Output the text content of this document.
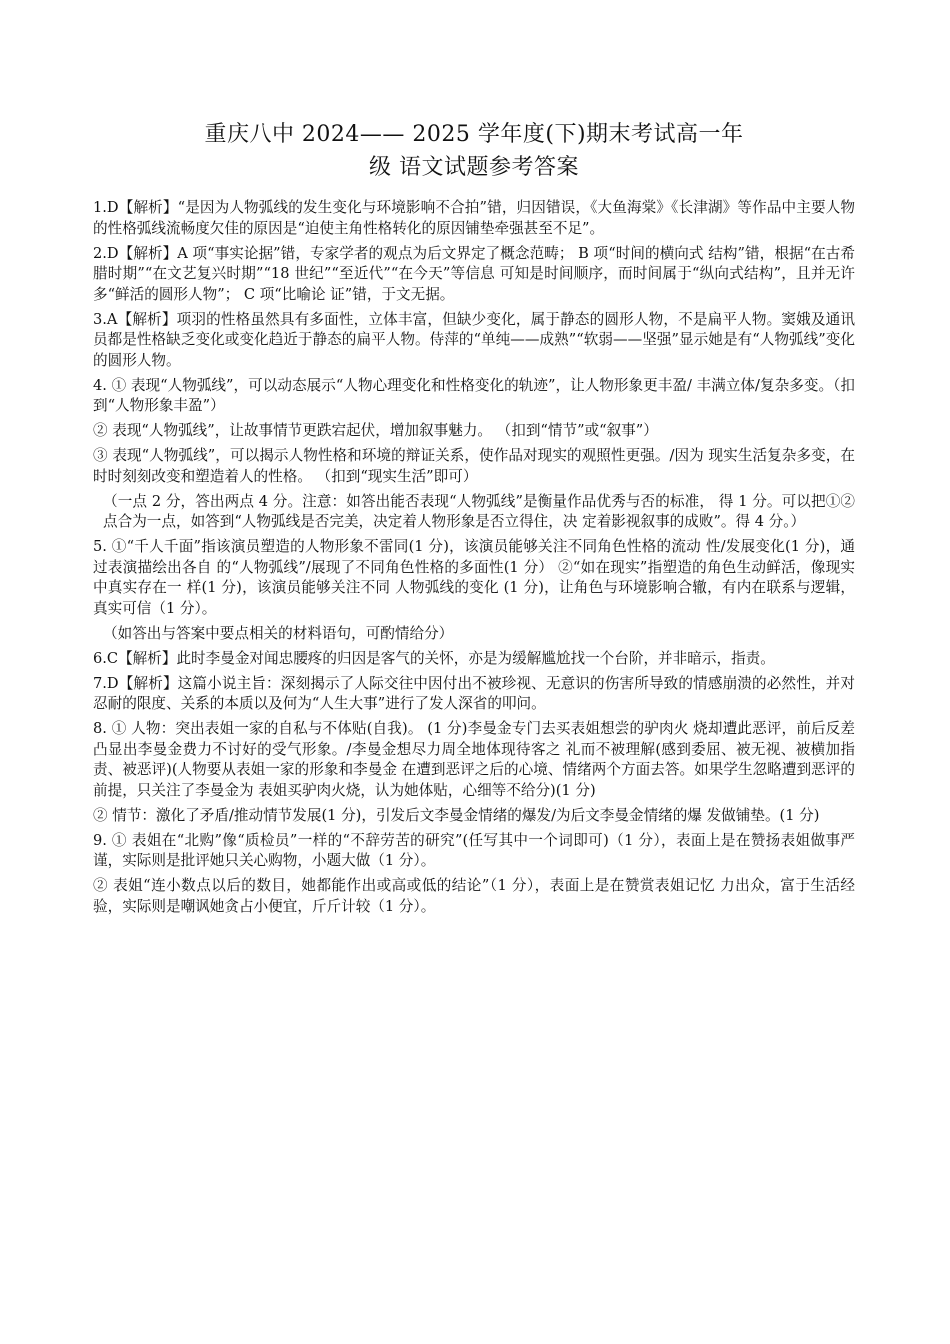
重庆八中 2024—— 2025 学年度(下)期末考试高一年
级 语文试题参考答案

1.D【解析】“是因为人物弧线的发生变化与环境影响不合拍”错，归因错误，《大鱼海棠》《长津湖》等作品中主要人物的性格弧线流畅度欠佳的原因是“迫使主角性格转化的原因铺垫牵强甚至不足”。

2.D【解析】A 项“事实论据”错，专家学者的观点为后文界定了概念范畴； B 项“时间的横向式 结构”错，根据“在古希腊时期”“在文艺复兴时期”“18 世纪”“至近代”“在今天”等信息 可知是时间顺序，而时间属于“纵向式结构”，且并无许多“鲜活的圆形人物”； C 项“比喻论 证”错，于文无据。

3.A【解析】项羽的性格虽然具有多面性，立体丰富，但缺少变化，属于静态的圆形人物，不是扁平人物。窦娥及通讯员都是性格缺乏变化或变化趋近于静态的扁平人物。侍萍的“单纯——成熟”“软弱——坚强”显示她是有“人物弧线”变化的圆形人物。

4. ① 表现“人物弧线”，可以动态展示“人物心理变化和性格变化的轨迹”，让人物形象更丰盈/ 丰满立体/复杂多变。（扣到“人物形象丰盈”）

② 表现“人物弧线”，让故事情节更跌宕起伏，增加叙事魅力。 （扣到“情节”或“叙事”）

③ 表现“人物弧线”，可以揭示人物性格和环境的辩证关系，使作品对现实的观照性更强。/因为 现实生活复杂多变，在时时刻刻改变和塑造着人的性格。 （扣到“现实生活”即可）

（一点 2 分，答出两点 4 分。注意：如答出能否表现“人物弧线”是衡量作品优秀与否的标准， 得 1 分。可以把①②点合为一点，如答到“人物弧线是否完美，决定着人物形象是否立得住，决 定着影视叙事的成败”。得 4 分。）

5. ①“千人千面”指该演员塑造的人物形象不雷同(1 分)，该演员能够关注不同角色性格的流动 性/发展变化(1 分)，通过表演描绘出各自 的“人物弧线”/展现了不同角色性格的多面性(1 分） ②“如在现实”指塑造的角色生动鲜活，像现实中真实存在一 样(1 分)，该演员能够关注不同 人物弧线的变化 (1 分)，让角色与环境影响合辙，有内在联系与逻辑，真实可信（1 分）。

（如答出与答案中要点相关的材料语句，可酌情给分）

6.C【解析】此时李曼金对闻忠腰疼的归因是客气的关怀，亦是为缓解尴尬找一个台阶，并非暗示，指责。

7.D【解析】这篇小说主旨：深刻揭示了人际交往中因付出不被珍视、无意识的伤害所导致的情感崩溃的必然性，并对忍耐的限度、关系的本质以及何为“人生大事”进行了发人深省的叩问。

8. ① 人物：突出表姐一家的自私与不体贴(自我)。 (1 分)李曼金专门去买表姐想尝的驴肉火 烧却遭此恶评，前后反差凸显出李曼金费力不讨好的受气形象。/李曼金想尽力周全地体现待客之 礼而不被理解(感到委屈、被无视、被横加指责、被恶评)(人物要从表姐一家的形象和李曼金 在遭到恶评之后的心境、情绪两个方面去答。如果学生忽略遭到恶评的前提，只关注了李曼金为 表姐买驴肉火烧，认为她体贴，心细等不给分)(1 分)

② 情节：激化了矛盾/推动情节发展(1 分)，引发后文李曼金情绪的爆发/为后文李曼金情绪的爆 发做铺垫。(1 分)

9. ① 表姐在“北购”像“质检员”一样的“不辞劳苦的研究”(任写其中一个词即可)（1 分），表面上是在赞扬表姐做事严谨，实际则是批评她只关心购物，小题大做（1 分）。

② 表姐“连小数点以后的数目，她都能作出或高或低的结论”（1 分），表面上是在赞赏表姐记忆 力出众，富于生活经验，实际则是嘲讽她贪占小便宜，斤斤计较（1 分）。
